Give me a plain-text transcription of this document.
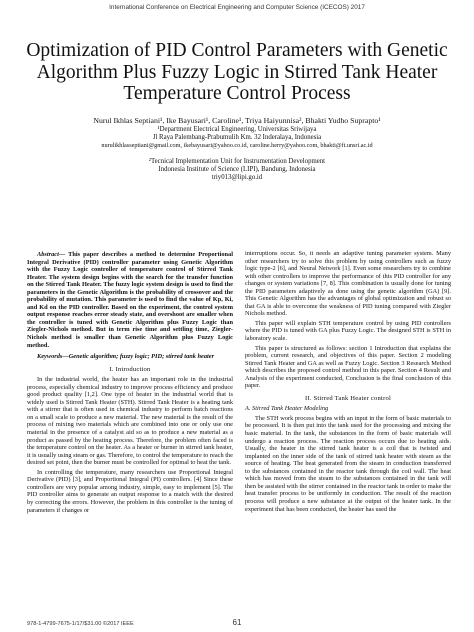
International Conference on Electrical Engineering and Computer Science (ICECOS) 2017
Optimization of PID Control Parameters with Genetic Algorithm Plus Fuzzy Logic in Stirred Tank Heater Temperature Control Process
Nurul Ikhlas Septiani¹, Ike Bayusari¹, Caroline¹, Triya Haiyunnisa², Bhakti Yudho Suprapto¹
¹Department Electrical Engineering, Universitas Sriwijaya
Jl Raya Palembang-Prabumulih Km. 32 Inderalaya, Indonesia
nurulikhlasseptiani@gmail.com, ikebayusari@yahoo.co.id, caroline.herry@yahoo.com, bhakti@ft.unsri.ac.id
²Tecnical Implementation Unit for Instrumentation Development
Indonesia Institute of Science (LIPI), Bandung, Indonesia
triy013@lipi.go.id

Abstract— This paper describes a method to determine Proportional Integral Derivative (PID) controller parameter using Genetic Algorithm with the Fuzzy Logic controller of temperature control of Stirred Tank Heater. The system design begins with the search for the transfer function on the Stirred Tank Heater. The fuzzy logic system design is used to find the parameters in the Genetic Algorithm is the probability of crossover and the probability of mutation. This parameter is used to find the value of Kp, Ki, and Kd on the PID controller. Based on the experiment, the control system output response reaches error steady state, and overshoot are smaller when the controller is tuned with Genetic Algorithm plus Fuzzy Logic than Ziegler-Nichols method. But in term rise time and settling time, Ziegler-Nichols method is smaller than Genetic Algorithm plus Fuzzy Logic method.

Keywords—Genetic algorithm; fuzzy logic; PID; stirred tank heater

I. Introduction

In the industrial world, the heater has an important role in the industrial process, especially chemical industry to improve process efficiency and produce good product quality [1,2]. One type of heater in the industrial world that is widely used is Stirred Tank Heater (STH). Stirred Tank Heater is a heating tank with a stirrer that is often used in chemical industry to perform batch reactions on a small scale to produce a new material. The new material is the result of the process of mixing two materials which are combined into one or only use one material in the presence of a catalyst aid so as to produce a new material as a product as passed by the heating process. Therefore, the problem often faced is the temperature control on the heater. As a heater or burner in stirred tank heater, it is usually using steam or gas. Therefore, to control the temperature to reach the desired set point, then the burner must be controlled for optimal to heat the tank.

In controlling the temperature, many researchers use Proportional Integral Derivative (PID) [3], and Proportional Integral (PI) controllers. [4] Since these controllers are very popular among industry, simple, easy to implement [5]. The PID controller aims to generate an output response to a match with the desired by correcting the errors. However, the problem in this controller is the tuning of parameters if changes or

interruptions occur. So, it needs an adaptive tuning parameter system. Many other researchers try to solve this problem by using controllers such as fuzzy logic type-2 [6], and Neural Network [1]. Even some researchers try to combine with other controllers to improve the performance of this PID controller for any changes or system variations [7, 8]. This combination is usually done for tuning the PID parameters adaptively as done using the genetic algorithm (GA) [9]. This Genetic Algorithm has the advantages of global optimization and robust so that GA is able to overcome the weakness of PID tuning compared with Ziegler Nichols method.

This paper will explain STH temperature control by using PID controllers where the PID is tuned with GA plus Fuzzy Logic. The designed STH is STH in laboratory scale.

This paper is structured as follows: section 1 Introduction that explains the problem, current research, and objectives of this paper. Section 2 modeling Stirred Tank Heater and GA as well as Fuzzy Logic. Section 3 Research Method which describes the proposed control method in this paper. Section 4 Result and Analysis of the experiment conducted, Conclusion is the final conclusion of this paper.

II. Stirred Tank Heater control
A. Stirred Tank Heater Modeling

The STH work process begins with an input in the form of basic materials to be processed. It is then put into the tank used for the processing and mixing the basic material. In the tank, the substances in the form of basic materials will undergo a reaction process. The reaction process occurs due to heating aids. Usually, the heater in the stirred tank heater is a coil that is twisted and implanted on the inner side of the tank of stirred tank heater with steam as the source of heating. The heat generated from the steam in conduction transferred to the substances contained in the reactor tank through the coil wall. The heat which has moved from the steam to the substances contained in the tank will then be assisted with the stirrer contained in the reactor tank in order to make the heat transfer process to be uniformly in conduction. The result of the reaction process will produce a new substance at the output of the heater tank. In the experiment that has been conducted, the heater has used the

978-1-4799-7675-1/17/$31.00 ©2017 IEEE	61
